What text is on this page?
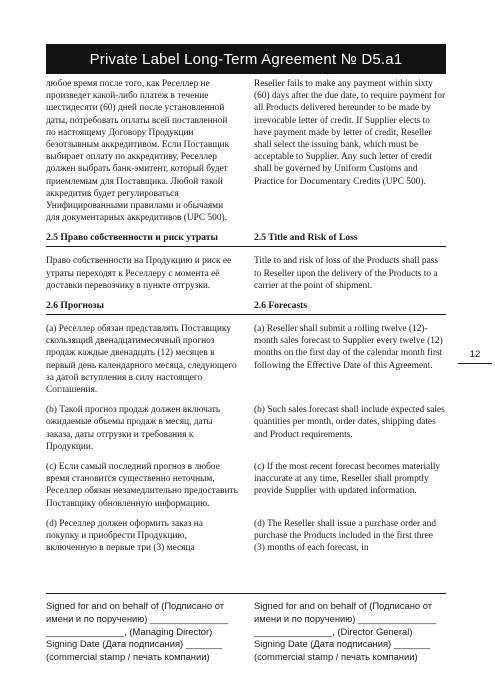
Private Label Long-Term Agreement № D5.a1

любое время после того, как Реселлер не произведет какой-либо платеж в течение шестидесяти (60) дней после установленной даты, потребовать оплаты всей поставленной по настоящему Договору Продукции безотзывным аккредитивом. Если Поставщик выбирает оплату по аккредитиву, Реселлер должен выбрать банк-эмитент, который будет приемлемым для Поставщика. Любой такой аккредитив будет регулироваться Унифицированными правилами и обычаями для документарных аккредитивов (UPC 500).

Reseller fails to make any payment within sixty (60) days after the due date, to require payment for all Products delivered hereunder to be made by irrevocable letter of credit. If Supplier elects to have payment made by letter of credit, Reseller shall select the issuing bank, which must be acceptable to Supplier. Any such letter of credit shall be governed by Uniform Customs and Practice for Documentary Credits (UPC 500).

2.5 Право собственности и риск утраты	2.5 Title and Risk of Loss

Право собственности на Продукцию и риск ее утраты переходят к Реселлеру с момента её доставки перевозчику в пункте отгрузки.

Title to and risk of loss of the Products shall pass to Reseller upon the delivery of the Products to a carrier at the point of shipment.

2.6 Прогнозы	2.6 Forecasts

(a) Реселлер обязан представлять Поставщику скользящий двенадцатимесячный прогноз продаж каждые двенадцать (12) месяцев в первый день календарного месяца, следующего за датой вступления в силу настоящего Соглашения.

(a) Reseller shall submit a rolling twelve (12)-month sales forecast to Supplier every twelve (12) months on the first day of the calendar month first following the Effective Date of this Agreement.

(b) Такой прогноз продаж должен включать ожидаемые объемы продаж в месяц, даты заказа, даты отгрузки и требования к Продукции.

(b) Such sales forecast shall include expected sales quantities per month, order dates, shipping dates and Product requirements.

(c) Если самый последний прогноз в любое время становится существенно неточным, Реселлер обязан незамедлительно предоставить Поставщику обновленную информацию.

(c) If the most recent forecast becomes materially inaccurate at any time, Reseller shall promptly provide Supplier with updated information.

(d) Реселлер должен оформить заказ на покупку и приобрести Продукцию, включенную в первые три (3) месяца

(d) The Reseller shall issue a purchase order and purchase the Products included in the first three (3) months of each forecast, in

12
Signed for and on behalf of (Подписано от
имени и по поручению) _______________
_______________, (Managing Director)
Signing Date (Дата подписания) _______
(commercial stamp / печать компании)
Signed for and on behalf of (Подписано от
имени и по поручению) _______________
_______________, (Director General)
Signing Date (Дата подписания) _______
(commercial stamp / печать компании)
